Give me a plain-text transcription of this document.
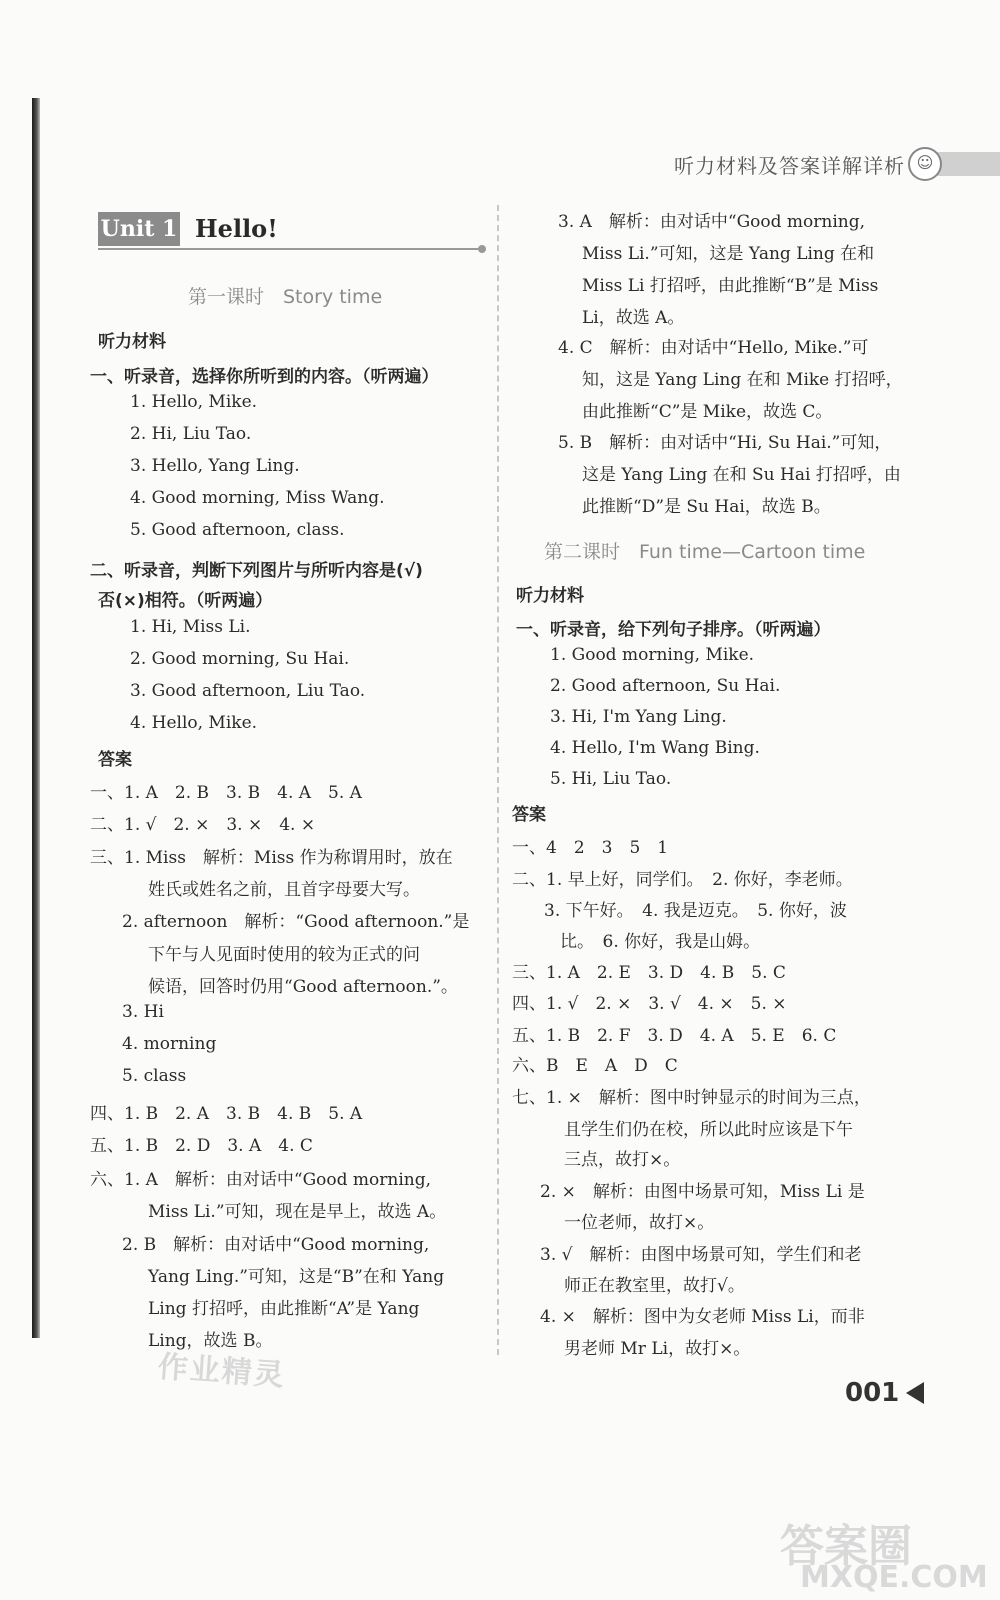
听力材料及答案详解详析 ☺
Unit 1 Hello!
作业精灵
答案圈
MXQE.COM
001
第一课时　Story time
听力材料
一、听录音，选择你所听到的内容。（听两遍）
1. Hello, Mike.
2. Hi, Liu Tao.
3. Hello, Yang Ling.
4. Good morning, Miss Wang.
5. Good afternoon, class.
二、听录音，判断下列图片与所听内容是(√)
否(×)相符。（听两遍）
1. Hi, Miss Li.
2. Good morning, Su Hai.
3. Good afternoon, Liu Tao.
4. Hello, Mike.
答案
一、1. A　2. B　3. B　4. A　5. A
二、1. √　2. ×　3. ×　4. ×
三、1. Miss　解析：Miss 作为称谓用时，放在
姓氏或姓名之前，且首字母要大写。
2. afternoon　解析：“Good afternoon.”是
下午与人见面时使用的较为正式的问
候语，回答时仍用“Good afternoon.”。
3. Hi
4. morning
5. class
四、1. B　2. A　3. B　4. B　5. A
五、1. B　2. D　3. A　4. C
六、1. A　解析：由对话中“Good morning,
Miss Li.”可知，现在是早上，故选 A。
2. B　解析：由对话中“Good morning,
Yang Ling.”可知，这是“B”在和 Yang
Ling 打招呼，由此推断“A”是 Yang
Ling，故选 B。
3. A　解析：由对话中“Good morning,
Miss Li.”可知，这是 Yang Ling 在和
Miss Li 打招呼，由此推断“B”是 Miss
Li，故选 A。
4. C　解析：由对话中“Hello, Mike.”可
知，这是 Yang Ling 在和 Mike 打招呼，
由此推断“C”是 Mike，故选 C。
5. B　解析：由对话中“Hi, Su Hai.”可知，
这是 Yang Ling 在和 Su Hai 打招呼，由
此推断“D”是 Su Hai，故选 B。
第二课时　Fun time—Cartoon time
听力材料
一、听录音，给下列句子排序。（听两遍）
1. Good morning, Mike.
2. Good afternoon, Su Hai.
3. Hi, I'm Yang Ling.
4. Hello, I'm Wang Bing.
5. Hi, Liu Tao.
答案
一、4　2　3　5　1
二、1. 早上好，同学们。　2. 你好，李老师。
3. 下午好。　4. 我是迈克。　5. 你好，波
比。　6. 你好，我是山姆。
三、1. A　2. E　3. D　4. B　5. C
四、1. √　2. ×　3. √　4. ×　5. ×
五、1. B　2. F　3. D　4. A　5. E　6. C
六、B　E　A　D　C
七、1. ×　解析：图中时钟显示的时间为三点，
且学生们仍在校，所以此时应该是下午
三点，故打×。
2. ×　解析：由图中场景可知，Miss Li 是
一位老师，故打×。
3. √　解析：由图中场景可知，学生们和老
师正在教室里，故打√。
4. ×　解析：图中为女老师 Miss Li，而非
男老师 Mr Li，故打×。
